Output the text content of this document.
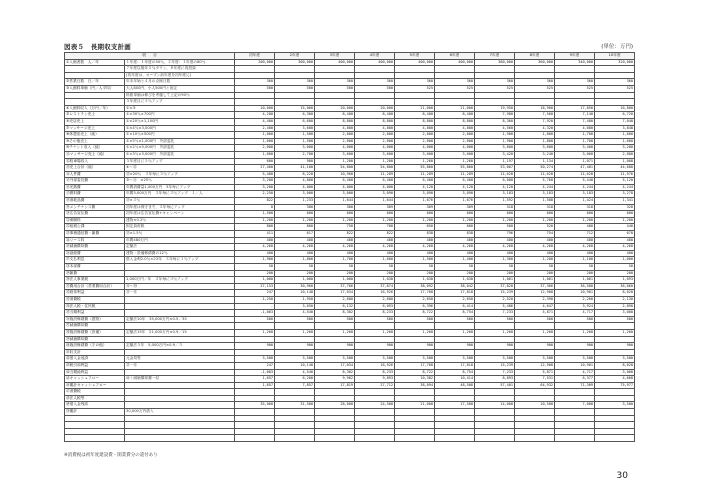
図表５　長期収支計画	(単位：万円)
項　　目		初年度	2年度	3年度	4年度	5年度	6年度	7年度	8年度	9年度	10年度
①入館者数　人／年	１年度：１年度の50％、２年度：１年度の80％	200,000	300,000	400,000	400,000	400,000	400,000	380,000	360,000	340,000	320,000
	７年度以後年５％ダウン、８年度に再投資										
	(初年度は、オープン前年度を初年度に)										
②営業日数　日／年	年末年始と４月の点検日数	360	360	360	360	360	360	360	360	360	360
③入館料単価（円／人平均）	大人800円、小人500円と仮定	500	500	500	500	525	525	525	525	525	525
	料飲単価は伸びを考慮して上記の90％										
	５年度目に５％アップ										
④入館料収入（万円／年）	①×③	10,000	15,000	20,000	20,000	21,000	21,000	19,950	18,900	17,850	16,800
⑤レストラン売上	①×30％×700円	4,200	6,300	8,400	8,400	8,400	8,400	7,980	7,560	7,140	6,720
⑥売店売上	①×20％×1,100円	4,400	6,600	8,800	8,800	8,800	8,800	8,360	7,920	7,480	7,040
⑦マッサージ売上	①×4％×3,000円	2,400	3,600	4,800	4,800	4,800	4,800	4,560	4,320	4,080	3,840
⑧休憩室売上（純）	①×10％×500円	1,000	1,500	2,000	2,000	2,000	2,000	1,900	1,800	1,700	1,600
⑨その他売上	①×5％×1,000円　外部委託	1,000	1,500	2,000	2,000	2,000	2,000	1,900	1,800	1,700	1,600
⑩テナント収入（純）	①×2％×5,000円　外部委託	2,000	3,000	4,000	4,000	4,000	4,000	3,800	3,600	3,400	3,200
⑪マッサージ売上（純）	①×3％×3,000円　外部委託	1,800	2,700	3,600	3,600	3,600	3,600	3,420	3,240	3,060	2,880
⑫駐車場収入	５年度目に５％アップ	600	900	1,200	1,200	1,260	1,260	1,197	1,134	1,071	1,008
⑬売上合計（純）	④～⑫	27,400	41,100	54,800	54,800	55,860	55,860	53,067	50,274	47,481	44,688
⑭人件費	⑬×20％　３年毎に３％アップ	5,480	8,220	10,960	11,289	11,289	11,289	11,628	11,628	11,628	11,976
⑮外部委託費	⑤～⑪　×25％	3,200	4,800	6,400	6,400	6,400	6,400	6,080	5,760	5,440	5,120
⑯光熱費	年間消費量1,000万円　3年毎にアップ	3,200	4,000	4,000	4,000	4,120	4,120	4,120	4,244	4,244	4,244
⑰燃料費	年間3,000万円　３年毎に３％アップ　１／人	2,250	3,000	3,000	3,090	3,090	3,090	3,183	3,183	3,183	3,278
⑱消耗品費	⑬×３％	822	1,233	1,644	1,644	1,676	1,676	1,592	1,508	1,424	1,341
⑲メンテナンス費	初年度は保守まで、３年毎にアップ	0	300	300	309	309	309	318	318	318	328
⑳広告宣伝費	初年度は広告宣伝費+キャンペーン	1,500	600	600	600	600	600	600	600	600	600
㉑保険料	建物×0.2％	1,200	1,200	1,200	1,200	1,200	1,200	1,200	1,200	1,200	1,200
㉒租税公課	固定資産税	800	800	750	700	650	600	560	520	480	440
㉓事務通信費・雑費	⑬×1.5％	411	617	822	822	838	838	796	754	712	670
㉔リース料	年間480万円	480	480	480	480	480	480	480	480	480	480
㉕減価償却費	定額法	4,260	4,260	4,260	4,260	4,260	4,260	4,260	4,260	4,260	4,260
㉖諸経費	建物・設備修繕費の12％	400	400	400	400	400	400	400	400	400	400
㉗支払利息	借入金利2.0％×23年　３年毎に１％アップ	1,900	1,800	1,700	1,600	1,500	1,400	1,300	1,200	1,100	1,000
㉘本部費		50	50	50	50	50	50	50	50	50	50
㉙雑費		200	200	200	200	200	200	200	200	200	200
㉚法人事業税	1,000万円／年　３年毎に３％アップ	1,000	1,000	1,000	1,030	1,030	1,030	1,061	1,061	1,061	1,093
㉛費用合計（営業費用合計）	⑭～㉚	27,153	30,960	37,766	37,874	38,092	38,042	37,828	37,366	36,580	36,660
㉜経常利益	⑬－㉛	247	10,140	17,034	16,926	17,768	17,818	15,239	12,908	10,901	8,028
㉝消費税		1,250	1,950	2,600	2,600	2,650	2,650	2,520	2,390	2,260	2,130
㉞法人税・住民税		-	3,650	6,132	6,093	6,396	6,414	5,486	4,647	3,924	2,890
㉟当期利益		-1,003	4,540	8,302	8,233	8,722	8,754	7,233	5,871	4,717	3,008
㊱施設修繕費（建物）	定額法10年　35,000万円×0.5／35	500	500	500	500	500	500	500	500	500	500
㊲減価償却費											
㊳施設修繕費（設備）	定額法15年　21,000万円×0.9／15	1,260	1,260	1,260	1,260	1,260	1,260	1,260	1,260	1,260	1,260
㊴減価償却費											
㊵施設修繕費（その他）	定額法５年　5,000万円×0.9／５	900	900	900	900	900	900	900	900	900	900
㊶収支計											
㊷借入金返済	元金均等	3,500	3,500	3,500	3,500	3,500	3,500	3,500	3,500	3,500	3,500
㊸税引前利益	⑬－㉛	247	10,140	17,034	16,926	17,768	17,818	15,239	12,908	10,901	8,028
㊹当期純利益		-1,003	4,540	8,302	8,233	8,722	8,754	7,233	5,871	4,717	3,008
㊺キャッシュフロー	㊹＋減価償却費－㊷	1,657	6,200	9,962	9,893	10,382	10,414	8,893	7,531	6,377	4,668
㊻累計キャッシュフロー		1,657	7,857	17,819	27,712	38,094	48,508	57,401	64,932	71,309	75,977
㊼消費税											
㊽法人税等											
㊾借入金残高		35,000	31,500	28,000	24,500	21,000	17,500	14,000	10,500	7,000	3,500
㊿累計	30,000万円借入										

※消費税は初年度建設費・開業費分の還付あり
30
